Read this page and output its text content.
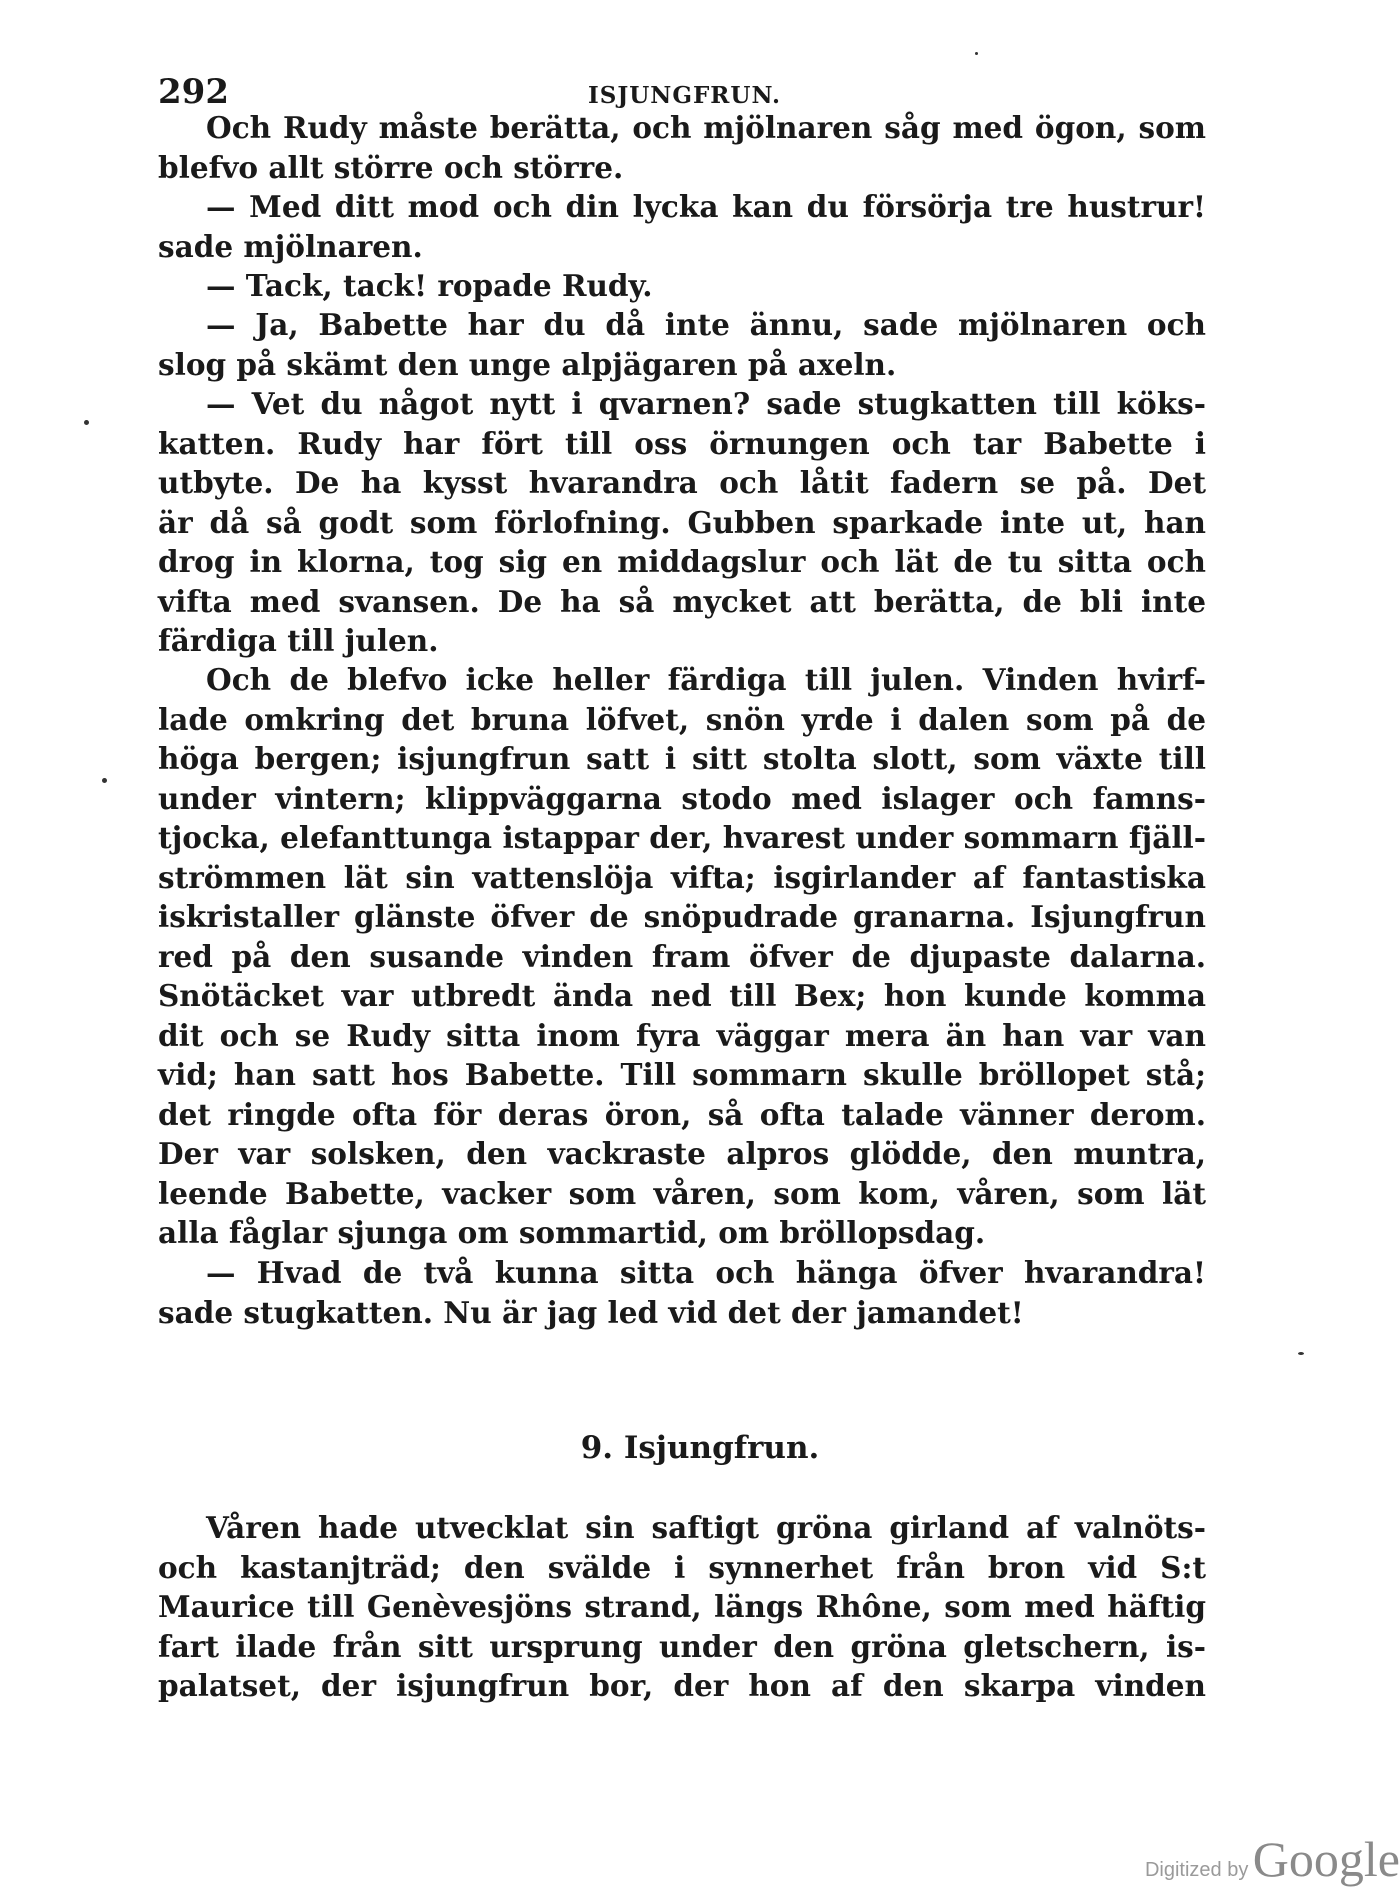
292	ISJUNGFRUN.
Och Rudy måste berätta, och mjölnaren såg med ögon, som
blefvo allt större och större.
— Med ditt mod och din lycka kan du försörja tre hustrur!
sade mjölnaren.
— Tack, tack! ropade Rudy.
— Ja, Babette har du då inte ännu, sade mjölnaren och
slog på skämt den unge alpjägaren på axeln.
— Vet du något nytt i qvarnen? sade stugkatten till köks-
katten. Rudy har fört till oss örnungen och tar Babette i
utbyte. De ha kysst hvarandra och låtit fadern se på. Det
är då så godt som förlofning. Gubben sparkade inte ut, han
drog in klorna, tog sig en middagslur och lät de tu sitta och
vifta med svansen. De ha så mycket att berätta, de bli inte
färdiga till julen.
Och de blefvo icke heller färdiga till julen. Vinden hvirf-
lade omkring det bruna löfvet, snön yrde i dalen som på de
höga bergen; isjungfrun satt i sitt stolta slott, som växte till
under vintern; klippväggarna stodo med islager och famns-
tjocka, elefanttunga istappar der, hvarest under sommarn fjäll-
strömmen lät sin vattenslöja vifta; isgirlander af fantastiska
iskristaller glänste öfver de snöpudrade granarna. Isjungfrun
red på den susande vinden fram öfver de djupaste dalarna.
Snötäcket var utbredt ända ned till Bex; hon kunde komma
dit och se Rudy sitta inom fyra väggar mera än han var van
vid; han satt hos Babette. Till sommarn skulle bröllopet stå;
det ringde ofta för deras öron, så ofta talade vänner derom.
Der var solsken, den vackraste alpros glödde, den muntra,
leende Babette, vacker som våren, som kom, våren, som lät
alla fåglar sjunga om sommartid, om bröllopsdag.
— Hvad de två kunna sitta och hänga öfver hvarandra!
sade stugkatten. Nu är jag led vid det der jamandet!
9. Isjungfrun.
Våren hade utvecklat sin saftigt gröna girland af valnöts-
och kastanjträd; den svälde i synnerhet från bron vid S:t
Maurice till Genèvesjöns strand, längs Rhône, som med häftig
fart ilade från sitt ursprung under den gröna gletschern, is-
palatset, der isjungfrun bor, der hon af den skarpa vinden
Digitized by Google
